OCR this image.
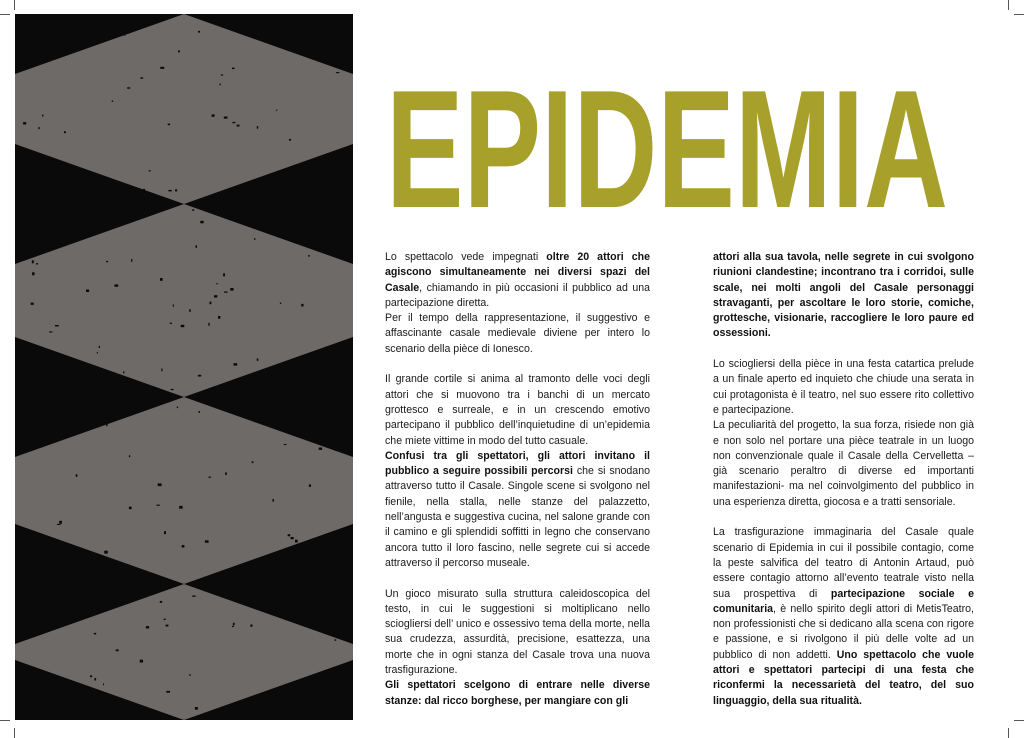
EPIDEMIA

Lo spettacolo vede impegnati oltre 20 attori che agiscono simultaneamente nei diversi spazi del Casale, chiamando in più occasioni il pubblico ad una partecipazione diretta.

Per il tempo della rappresentazione, il suggestivo e affascinante casale medievale diviene per intero lo scenario della pièce di Ionesco.

Il grande cortile si anima al tramonto delle voci degli attori che si muovono tra i banchi di un mercato grottesco e surreale, e in un crescendo emotivo partecipano il pubblico dell’inquietudine di un’epidemia che miete vittime in modo del tutto casuale.

Confusi tra gli spettatori, gli attori invitano il pubblico a seguire possibili percorsi che si snodano attraverso tutto il Casale. Singole scene si svolgono nel fienile, nella stalla, nelle stanze del palazzetto, nell’angusta e suggestiva cucina, nel salone grande con il camino e gli splendidi soffitti in legno che conservano ancora tutto il loro fascino, nelle segrete cui si accede attraverso il percorso museale.

Un gioco misurato sulla struttura caleidoscopica del testo, in cui le suggestioni si moltiplicano nello sciogliersi dell’ unico e ossessivo tema della morte, nella sua crudezza, assurdità, precisione, esattezza, una morte che in ogni stanza del Casale trova una nuova trasfigurazione.

Gli spettatori scelgono di entrare nelle diverse stanze: dal ricco borghese, per mangiare con gli

attori alla sua tavola, nelle segrete in cui svolgono riunioni clandestine; incontrano tra i corridoi, sulle scale, nei molti angoli del Casale personaggi stravaganti, per ascoltare le loro storie, comiche, grottesche, visionarie, raccogliere le loro paure ed ossessioni.

Lo sciogliersi della pièce in una festa catartica prelude a un finale aperto ed inquieto che chiude una serata in cui protagonista è il teatro, nel suo essere rito collettivo e partecipazione.

La peculiarità del progetto, la sua forza, risiede non già e non solo nel portare una pièce teatrale in un luogo non convenzionale quale il Casale della Cervelletta – già scenario peraltro di diverse ed importanti manifestazioni- ma nel coinvolgimento del pubblico in una esperienza diretta, giocosa e a tratti sensoriale.

La trasfigurazione immaginaria del Casale quale scenario di Epidemia in cui il possibile contagio, come la peste salvifica del teatro di Antonin Artaud, può essere contagio attorno all’evento teatrale visto nella sua prospettiva di partecipazione sociale e comunitaria, è nello spirito degli attori di MetisTeatro, non professionisti che si dedicano alla scena con rigore e passione, e si rivolgono il più delle volte ad un pubblico di non addetti. Uno spettacolo che vuole attori e spettatori partecipi di una festa che riconfermi la necessarietà del teatro, del suo linguaggio, della sua ritualità.
